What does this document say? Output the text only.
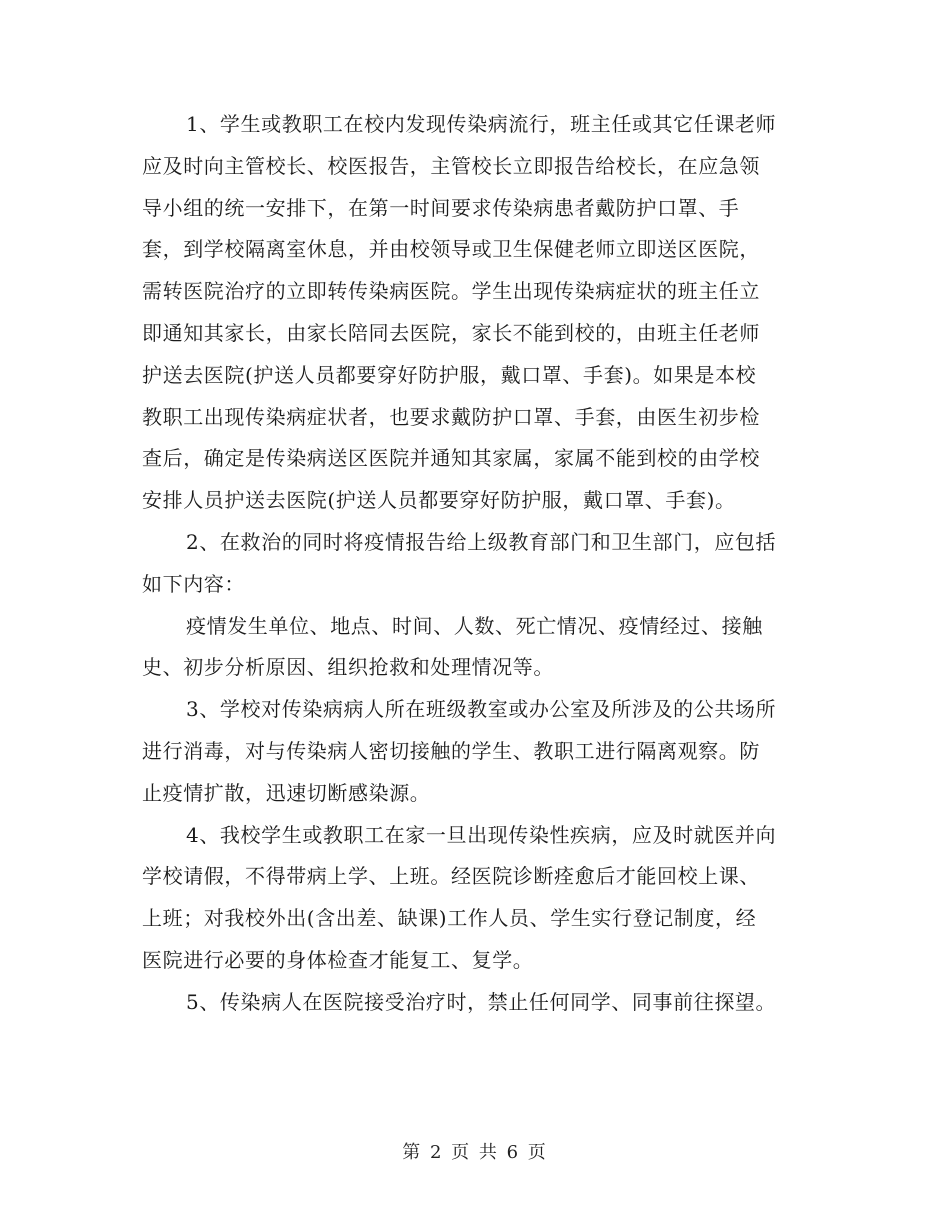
1、学生或教职工在校内发现传染病流行，班主任或其它任课老师
应及时向主管校长、校医报告，主管校长立即报告给校长，在应急领
导小组的统一安排下，在第一时间要求传染病患者戴防护口罩、手
套，到学校隔离室休息，并由校领导或卫生保健老师立即送区医院，
需转医院治疗的立即转传染病医院。学生出现传染病症状的班主任立
即通知其家长，由家长陪同去医院，家长不能到校的，由班主任老师
护送去医院(护送人员都要穿好防护服，戴口罩、手套)。如果是本校
教职工出现传染病症状者，也要求戴防护口罩、手套，由医生初步检
查后，确定是传染病送区医院并通知其家属，家属不能到校的由学校
安排人员护送去医院(护送人员都要穿好防护服，戴口罩、手套)。

2、在救治的同时将疫情报告给上级教育部门和卫生部门，应包括
如下内容：

疫情发生单位、地点、时间、人数、死亡情况、疫情经过、接触
史、初步分析原因、组织抢救和处理情况等。

3、学校对传染病病人所在班级教室或办公室及所涉及的公共场所
进行消毒，对与传染病人密切接触的学生、教职工进行隔离观察。防
止疫情扩散，迅速切断感染源。

4、我校学生或教职工在家一旦出现传染性疾病，应及时就医并向
学校请假，不得带病上学、上班。经医院诊断痊愈后才能回校上课、
上班；对我校外出(含出差、缺课)工作人员、学生实行登记制度，经
医院进行必要的身体检查才能复工、复学。

5、传染病人在医院接受治疗时，禁止任何同学、同事前往探望。

第 2 页 共 6 页
